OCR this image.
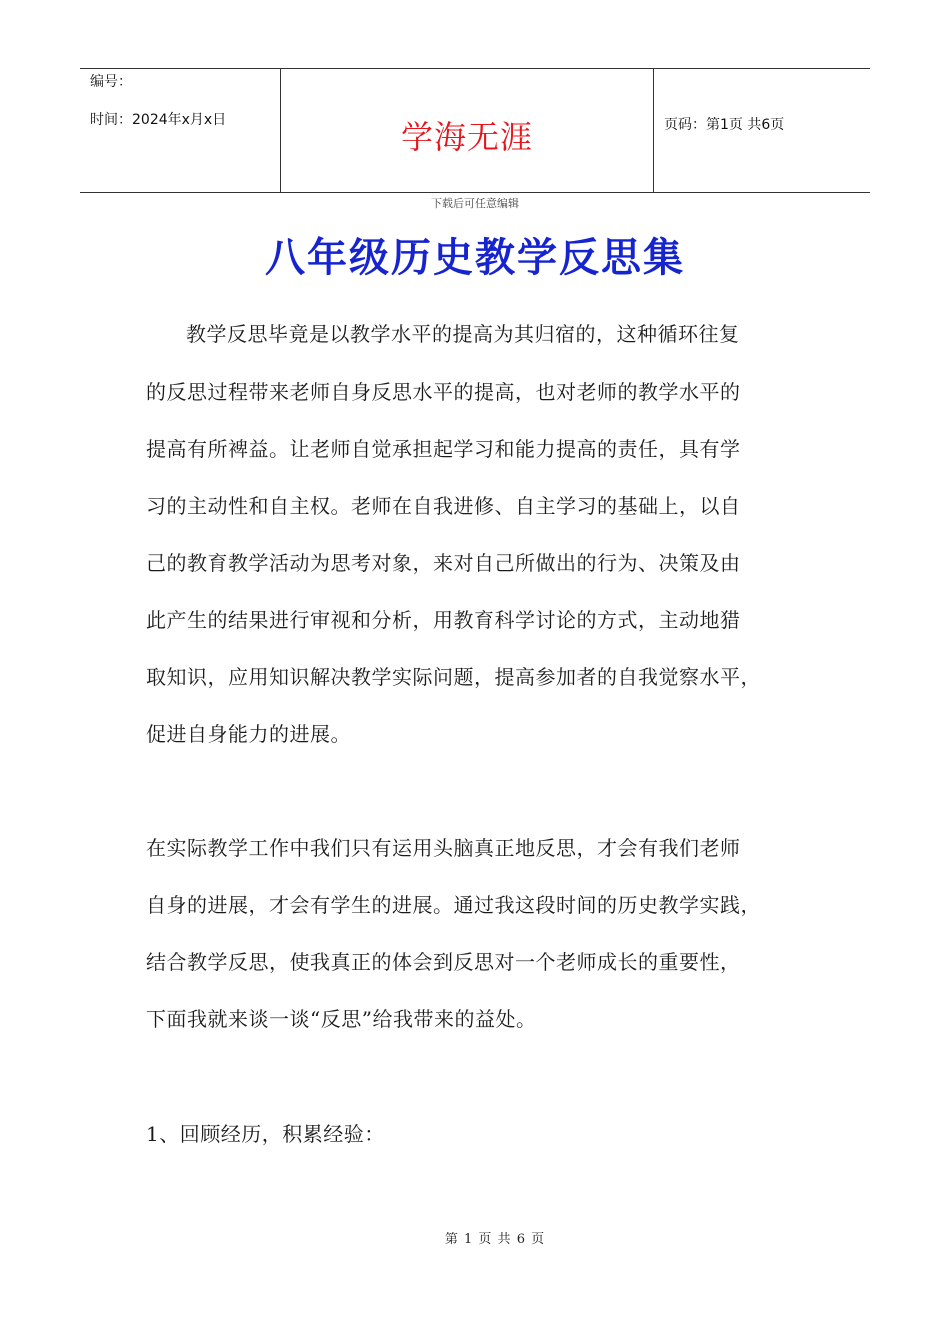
编号：
时间：2024年x月x日	学海无涯	页码：第1页 共6页
下载后可任意编辑
八年级历史教学反思集
教学反思毕竟是以教学水平的提高为其归宿的，这种循环往复
的反思过程带来老师自身反思水平的提高，也对老师的教学水平的
提高有所裨益。让老师自觉承担起学习和能力提高的责任，具有学
习的主动性和自主权。老师在自我进修、自主学习的基础上，以自
己的教育教学活动为思考对象，来对自己所做出的行为、决策及由
此产生的结果进行审视和分析，用教育科学讨论的方式，主动地猎
取知识，应用知识解决教学实际问题，提高参加者的自我觉察水平，
促进自身能力的进展。
在实际教学工作中我们只有运用头脑真正地反思，才会有我们老师
自身的进展，才会有学生的进展。通过我这段时间的历史教学实践，
结合教学反思，使我真正的体会到反思对一个老师成长的重要性，
下面我就来谈一谈“反思”给我带来的益处。
1、回顾经历，积累经验：
第 1 页 共 6 页
